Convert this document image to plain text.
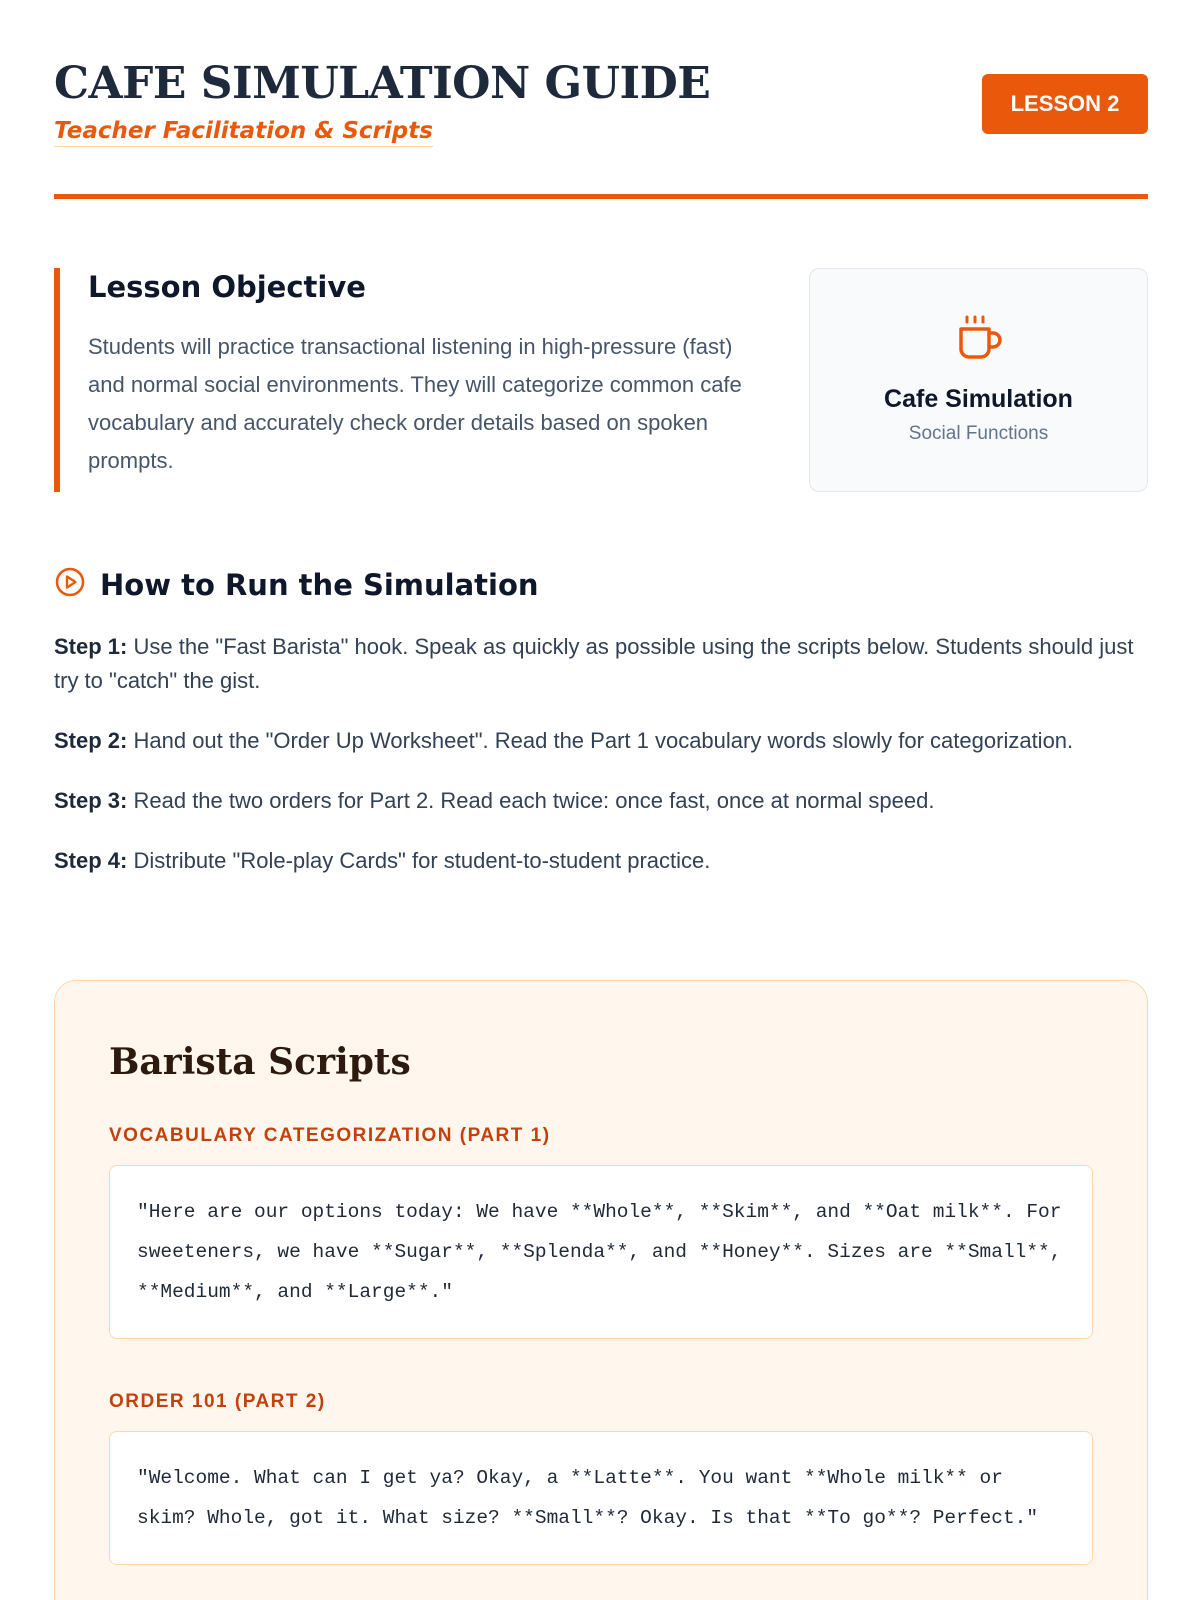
CAFE SIMULATION GUIDE
Teacher Facilitation & Scripts
LESSON 2
Lesson Objective

Students will practice transactional listening in high-pressure (fast) and normal social environments. They will categorize common cafe vocabulary and accurately check order details based on spoken prompts.

Cafe Simulation
Social Functions
How to Run the Simulation
Step 1: Use the "Fast Barista" hook. Speak as quickly as possible using the scripts below. Students should just try to "catch" the gist.
Step 2: Hand out the "Order Up Worksheet". Read the Part 1 vocabulary words slowly for categorization.
Step 3: Read the two orders for Part 2. Read each twice: once fast, once at normal speed.
Step 4: Distribute "Role-play Cards" for student-to-student practice.
Barista Scripts
VOCABULARY CATEGORIZATION (PART 1)
"Here are our options today: We have **Whole**, **Skim**, and **Oat milk**. For sweeteners, we have **Sugar**, **Splenda**, and **Honey**. Sizes are **Small**, **Medium**, and **Large**."
ORDER 101 (PART 2)
"Welcome. What can I get ya? Okay, a **Latte**. You want **Whole milk** or skim? Whole, got it. What size? **Small**? Okay. Is that **To go**? Perfect."
